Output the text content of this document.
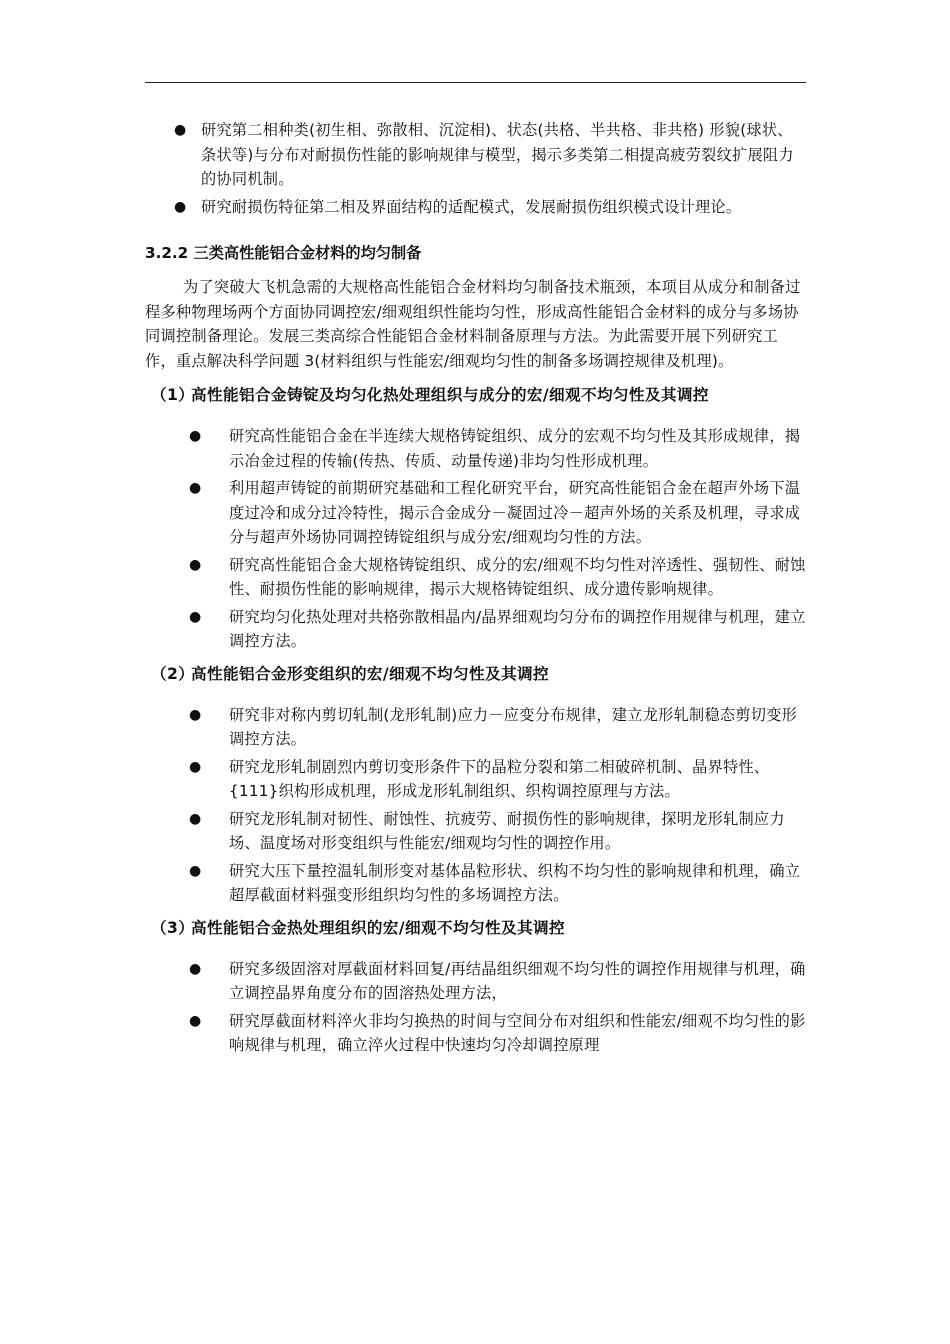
● 研究第二相种类(初生相、弥散相、沉淀相)、状态(共格、半共格、非共格) 形貌(球状、条状等)与分布对耐损伤性能的影响规律与模型，揭示多类第二相提高疲劳裂纹扩展阻力的协同机制。
● 研究耐损伤特征第二相及界面结构的适配模式，发展耐损伤组织模式设计理论。
3.2.2 三类高性能铝合金材料的均匀制备
为了突破大飞机急需的大规格高性能铝合金材料均匀制备技术瓶颈，本项目从成分和制备过程多种物理场两个方面协同调控宏/细观组织性能均匀性，形成高性能铝合金材料的成分与多场协同调控制备理论。发展三类高综合性能铝合金材料制备原理与方法。为此需要开展下列研究工作，重点解决科学问题 3(材料组织与性能宏/细观均匀性的制备多场调控规律及机理)。
（1）
高性能铝合金铸锭及均匀化热处理组织与成分的宏/细观不均匀性及其调控
●	研究高性能铝合金在半连续大规格铸锭组织、成分的宏观不均匀性及其形成规律，揭示冶金过程的传输(传热、传质、动量传递)非均匀性形成机理。
●	利用超声铸锭的前期研究基础和工程化研究平台，研究高性能铝合金在超声外场下温度过冷和成分过冷特性，揭示合金成分－凝固过冷－超声外场的关系及机理，寻求成分与超声外场协同调控铸锭组织与成分宏/细观均匀性的方法。
●	研究高性能铝合金大规格铸锭组织、成分的宏/细观不均匀性对淬透性、强韧性、耐蚀性、耐损伤性能的影响规律，揭示大规格铸锭组织、成分遗传影响规律。
●	研究均匀化热处理对共格弥散相晶内/晶界细观均匀分布的调控作用规律与机理，建立调控方法。
（2）
高性能铝合金形变组织的宏/细观不均匀性及其调控
●	研究非对称内剪切轧制(龙形轧制)应力－应变分布规律，建立龙形轧制稳态剪切变形调控方法。
●	研究龙形轧制剧烈内剪切变形条件下的晶粒分裂和第二相破碎机制、晶界特性、{111}织构形成机理，形成龙形轧制组织、织构调控原理与方法。
●	研究龙形轧制对韧性、耐蚀性、抗疲劳、耐损伤性的影响规律，探明龙形轧制应力场、温度场对形变组织与性能宏/细观均匀性的调控作用。
●	研究大压下量控温轧制形变对基体晶粒形状、织构不均匀性的影响规律和机理，确立超厚截面材料强变形组织均匀性的多场调控方法。
（3）
高性能铝合金热处理组织的宏/细观不均匀性及其调控
●	研究多级固溶对厚截面材料回复/再结晶组织细观不均匀性的调控作用规律与机理，确立调控晶界角度分布的固溶热处理方法，
●	研究厚截面材料淬火非均匀换热的时间与空间分布对组织和性能宏/细观不均匀性的影响规律与机理，确立淬火过程中快速均匀冷却调控原理
